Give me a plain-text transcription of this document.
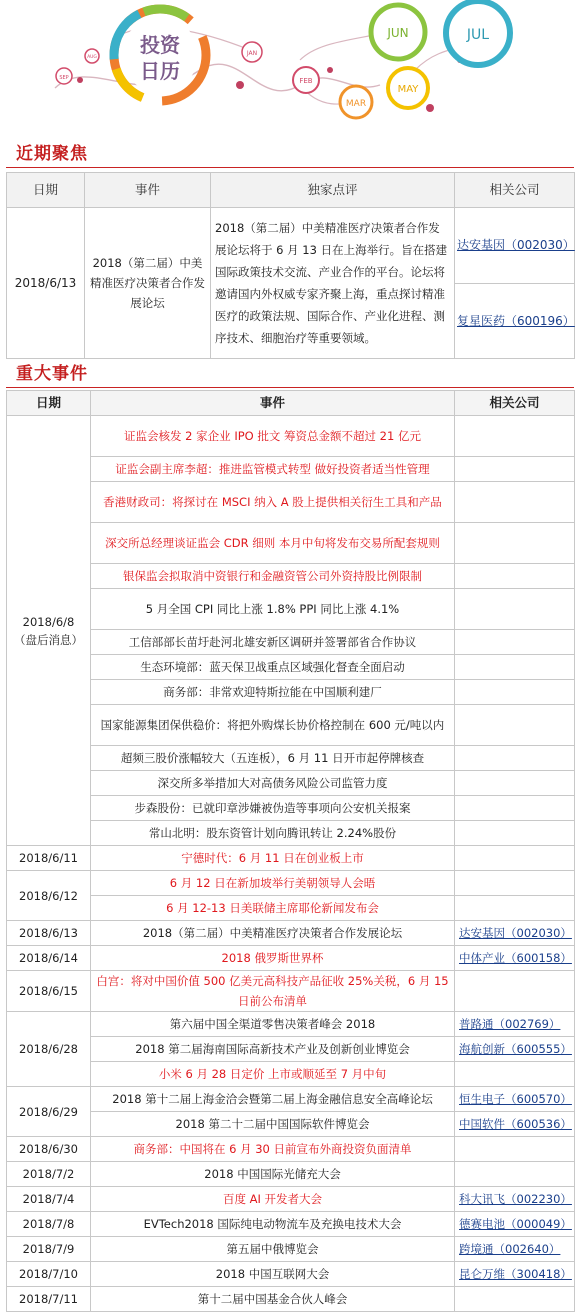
投资
日历
SEP
AUG
JAN
FEB
MAR
MAY
JUN	JUL
近期聚焦
日期	事件	独家点评	相关公司
2018/6/13	2018（第二届）中美精准医疗决策者合作发展论坛	2018（第二届）中美精准医疗决策者合作发展论坛将于 6 月 13 日在上海举行。旨在搭建国际政策技术交流、产业合作的平台。论坛将邀请国内外权威专家齐聚上海，重点探讨精准医疗的政策法规、国际合作、产业化进程、测序技术、细胞治疗等重要领域。	达安基因（002030）
复星医药（600196）
重大事件
日期	事件	相关公司

2018/6/8
（盘后消息）	证监会核发 2 家企业 IPO 批文 筹资总金额不超过 21 亿元	
	证监会副主席李超：推进监管模式转型 做好投资者适当性管理	
	香港财政司：将探讨在 MSCI 纳入 A 股上提供相关衍生工具和产品	
	深交所总经理谈证监会 CDR 细则 本月中旬将发布交易所配套规则	
	银保监会拟取消中资银行和金融资管公司外资持股比例限制	
	5 月全国 CPI 同比上涨 1.8% PPI 同比上涨 4.1%	
	工信部部长苗圩赴河北雄安新区调研并签署部省合作协议	
	生态环境部：蓝天保卫战重点区域强化督查全面启动	
	商务部：非常欢迎特斯拉能在中国顺利建厂	
	国家能源集团保供稳价：将把外购煤长协价格控制在 600 元/吨以内	
	超频三股价涨幅较大（五连板），6 月 11 日开市起停牌核查	
	深交所多举措加大对高债务风险公司监管力度	
	步森股份：已就印章涉嫌被伪造等事项向公安机关报案	
	常山北明：股东资管计划向腾讯转让 2.24%股份	

2018/6/11	宁德时代：6 月 11 日在创业板上市	

2018/6/12	6 月 12 日在新加坡举行美朝领导人会晤	
	6 月 12-13 日美联储主席耶伦新闻发布会	

2018/6/13	2018（第二届）中美精准医疗决策者合作发展论坛	达安基因（002030）

2018/6/14	2018 俄罗斯世界杯	中体产业（600158）

2018/6/15	白宫：将对中国价值 500 亿美元高科技产品征收 25%关税，6 月 15 日前公布清单	

2018/6/28	第六届中国全渠道零售决策者峰会 2018	普路通（002769）
	2018 第二届海南国际高新技术产业及创新创业博览会	海航创新（600555）
	小米 6 月 28 日定价 上市或顺延至 7 月中旬	

2018/6/29	2018 第十二届上海金洽会暨第二届上海金融信息安全高峰论坛	恒生电子（600570）
	2018 第二十二届中国国际软件博览会	中国软件（600536）

2018/6/30	商务部：中国将在 6 月 30 日前宣布外商投资负面清单	

2018/7/2	2018 中国国际光储充大会	

2018/7/4	百度 AI 开发者大会	科大讯飞（002230）

2018/7/8	EVTech2018 国际纯电动物流车及充换电技术大会	德赛电池（000049）

2018/7/9	第五届中俄博览会	跨境通（002640）

2018/7/10	2018 中国互联网大会	昆仑万维（300418）

2018/7/11	第十二届中国基金合伙人峰会	
